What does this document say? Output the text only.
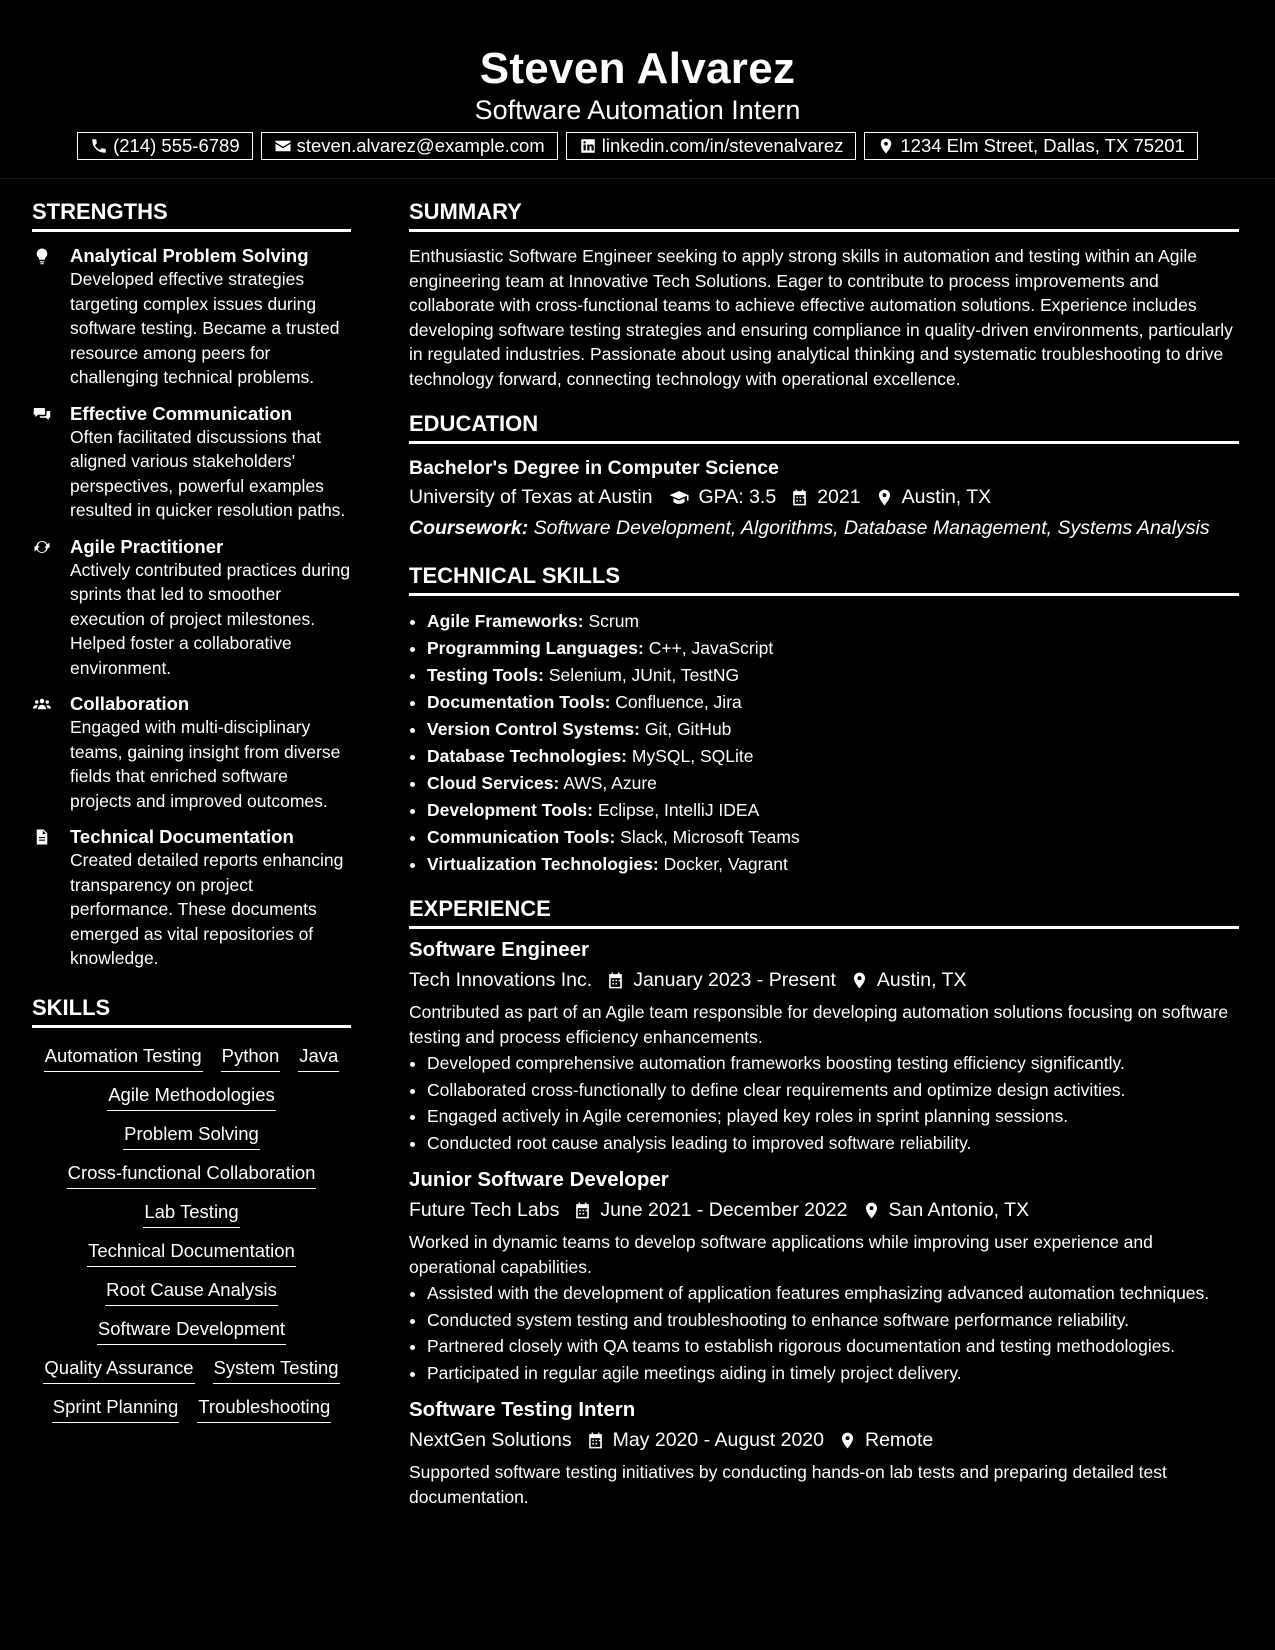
Steven Alvarez
Software Automation Intern
(214) 555-6789	steven.alvarez@example.com	linkedin.com/in/stevenalvarez	1234 Elm Street, Dallas, TX 75201
STRENGTHS
Analytical Problem Solving
Developed effective strategies targeting complex issues during software testing. Became a trusted resource among peers for challenging technical problems.
Effective Communication
Often facilitated discussions that aligned various stakeholders' perspectives, powerful examples resulted in quicker resolution paths.
Agile Practitioner
Actively contributed practices during sprints that led to smoother execution of project milestones. Helped foster a collaborative environment.
Collaboration
Engaged with multi-disciplinary teams, gaining insight from diverse fields that enriched software projects and improved outcomes.
Technical Documentation
Created detailed reports enhancing transparency on project performance. These documents emerged as vital repositories of knowledge.
SKILLS
Automation Testing Python Java
Agile Methodologies
Problem Solving
Cross-functional Collaboration
Lab Testing
Technical Documentation
Root Cause Analysis
Software Development
Quality Assurance System Testing
Sprint Planning Troubleshooting
SUMMARY

Enthusiastic Software Engineer seeking to apply strong skills in automation and testing within an Agile engineering team at Innovative Tech Solutions. Eager to contribute to process improvements and collaborate with cross-functional teams to achieve effective automation solutions. Experience includes developing software testing strategies and ensuring compliance in quality-driven environments, particularly in regulated industries. Passionate about using analytical thinking and systematic troubleshooting to drive technology forward, connecting technology with operational excellence.

EDUCATION
Bachelor's Degree in Computer Science
University of Texas at Austin GPA: 3.5 2021 Austin, TX
Coursework: Software Development, Algorithms, Database Management, Systems Analysis
TECHNICAL SKILLS
• Agile Frameworks: Scrum
• Programming Languages: C++, JavaScript
• Testing Tools: Selenium, JUnit, TestNG
• Documentation Tools: Confluence, Jira
• Version Control Systems: Git, GitHub
• Database Technologies: MySQL, SQLite
• Cloud Services: AWS, Azure
• Development Tools: Eclipse, IntelliJ IDEA
• Communication Tools: Slack, Microsoft Teams
• Virtualization Technologies: Docker, Vagrant
EXPERIENCE
Software Engineer
Tech Innovations Inc. January 2023 - Present Austin, TX

Contributed as part of an Agile team responsible for developing automation solutions focusing on software testing and process efficiency enhancements.

• Developed comprehensive automation frameworks boosting testing efficiency significantly.
• Collaborated cross-functionally to define clear requirements and optimize design activities.
• Engaged actively in Agile ceremonies; played key roles in sprint planning sessions.
• Conducted root cause analysis leading to improved software reliability.
Junior Software Developer
Future Tech Labs June 2021 - December 2022 San Antonio, TX

Worked in dynamic teams to develop software applications while improving user experience and operational capabilities.

• Assisted with the development of application features emphasizing advanced automation techniques.
• Conducted system testing and troubleshooting to enhance software performance reliability.
• Partnered closely with QA teams to establish rigorous documentation and testing methodologies.
• Participated in regular agile meetings aiding in timely project delivery.
Software Testing Intern
NextGen Solutions May 2020 - August 2020 Remote

Supported software testing initiatives by conducting hands-on lab tests and preparing detailed test documentation.
